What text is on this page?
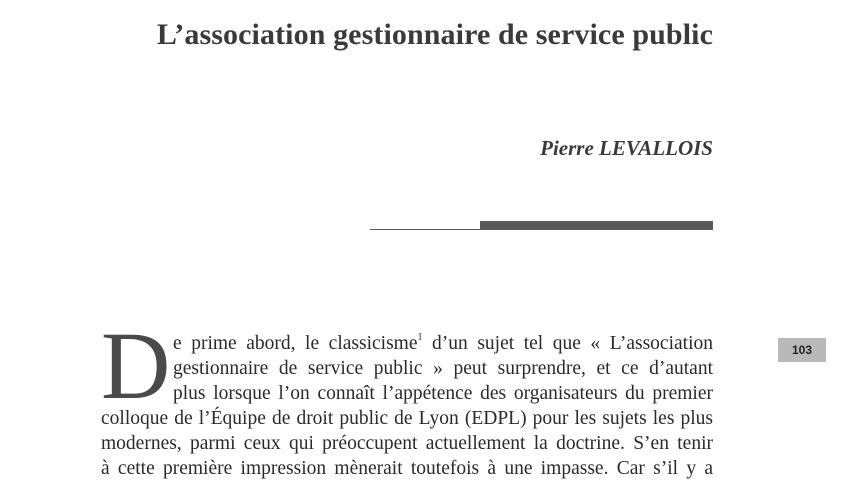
L’association gestionnaire de service public
Pierre LEVALLOIS
103
D e prime abord, le classicisme$^1$ d’un sujet tel que « L’association
gestionnaire de service public » peut surprendre, et ce d’autant
plus lorsque l’on connaît l’appétence des organisateurs du premier
colloque de l’Équipe de droit public de Lyon (EDPL) pour les sujets les plus
modernes, parmi ceux qui préoccupent actuellement la doctrine. S’en tenir
à cette première impression mènerait toutefois à une impasse. Car s’il y a
